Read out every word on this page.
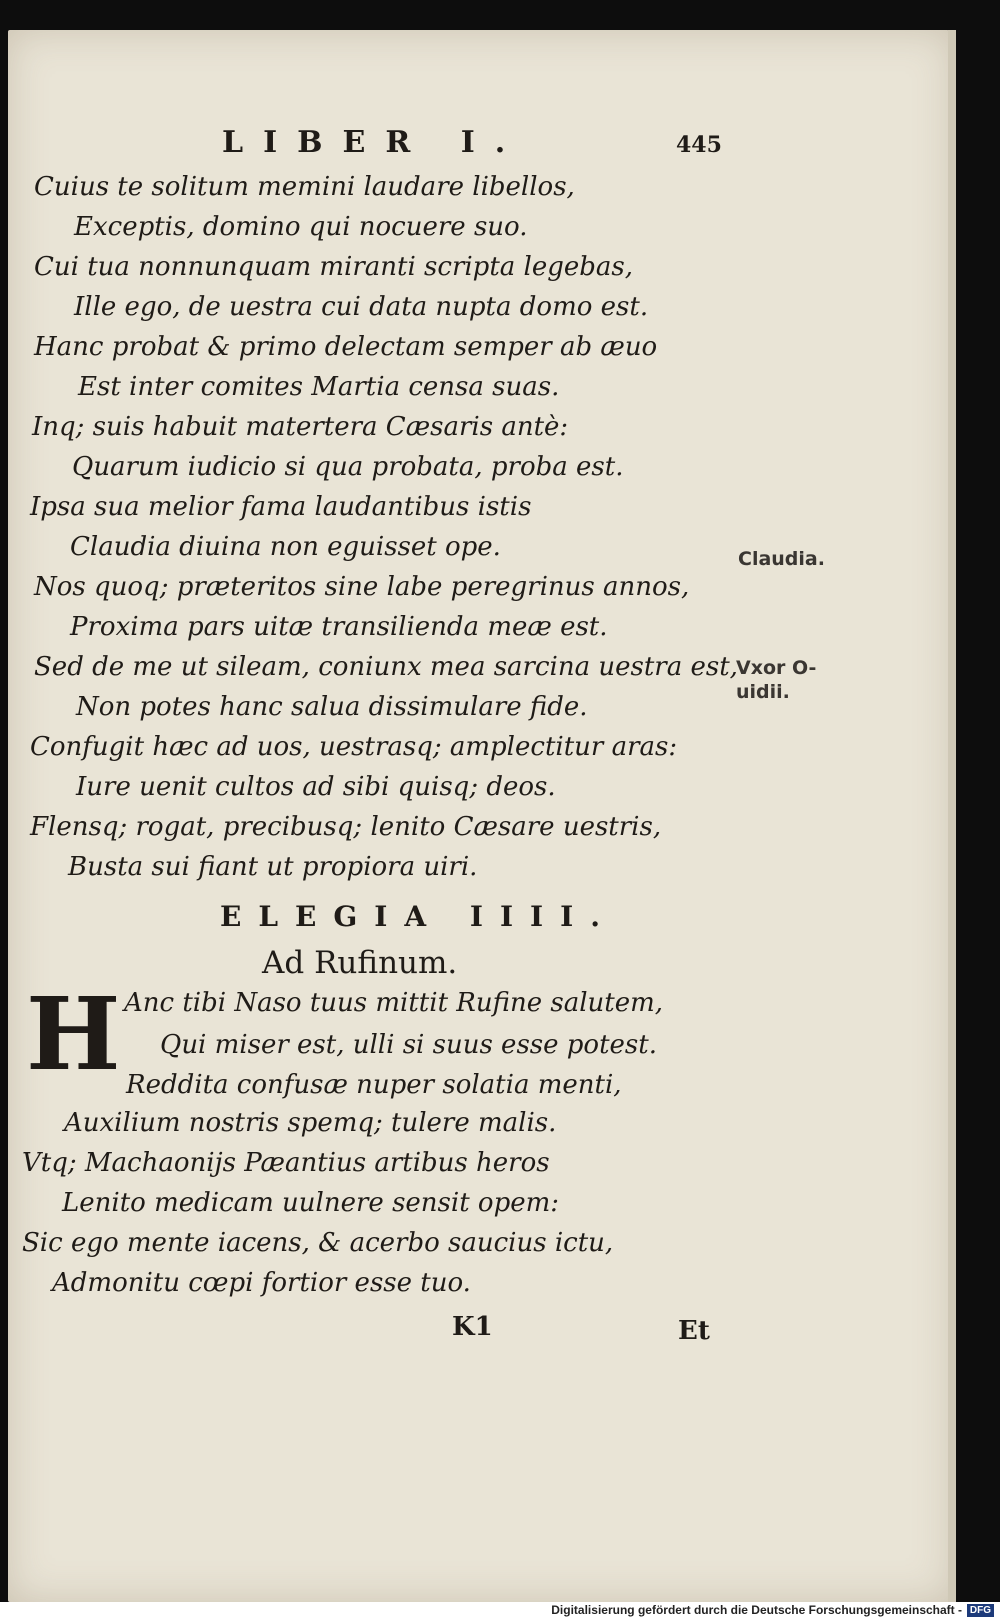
LIBER I.	445
Cuius te solitum memini laudare libellos,
Exceptis, domino qui nocuere suo.
Cui tua nonnunquam miranti scripta legebas,
Ille ego, de uestra cui data nupta domo est.
Hanc probat & primo delectam semper ab æuo
Est inter comites Martia censa suas.
Inq; suis habuit matertera Cæsaris antè:
Quarum iudicio si qua probata, proba est.
Ipsa sua melior fama laudantibus istis
Claudia diuina non eguisset ope.
Nos quoq; præteritos sine labe peregrinus annos,
Proxima pars uitæ transilienda meæ est.
Sed de me ut sileam, coniunx mea sarcina uestra est,
Non potes hanc salua dissimulare fide.
Confugit hæc ad uos, uestrasq; amplectitur aras:
Iure uenit cultos ad sibi quisq; deos.
Flensq; rogat, precibusq; lenito Cæsare uestris,
Busta sui fiant ut propiora uiri.
Claudia.
Vxor O-
uidii.
ELEGIA IIII.
Ad Rufinum.
H Anc tibi Naso tuus mittit Rufine salutem,
Qui miser est, ulli si suus esse potest.
Reddita confusæ nuper solatia menti,
Auxilium nostris spemq; tulere malis.
Vtq; Machaonijs Pæantius artibus heros
Lenito medicam uulnere sensit opem:
Sic ego mente iacens, & acerbo saucius ictu,
Admonitu cœpi fortior esse tuo.
K1	Et
Digitalisierung gefördert durch die Deutsche Forschungsgemeinschaft - DFG
